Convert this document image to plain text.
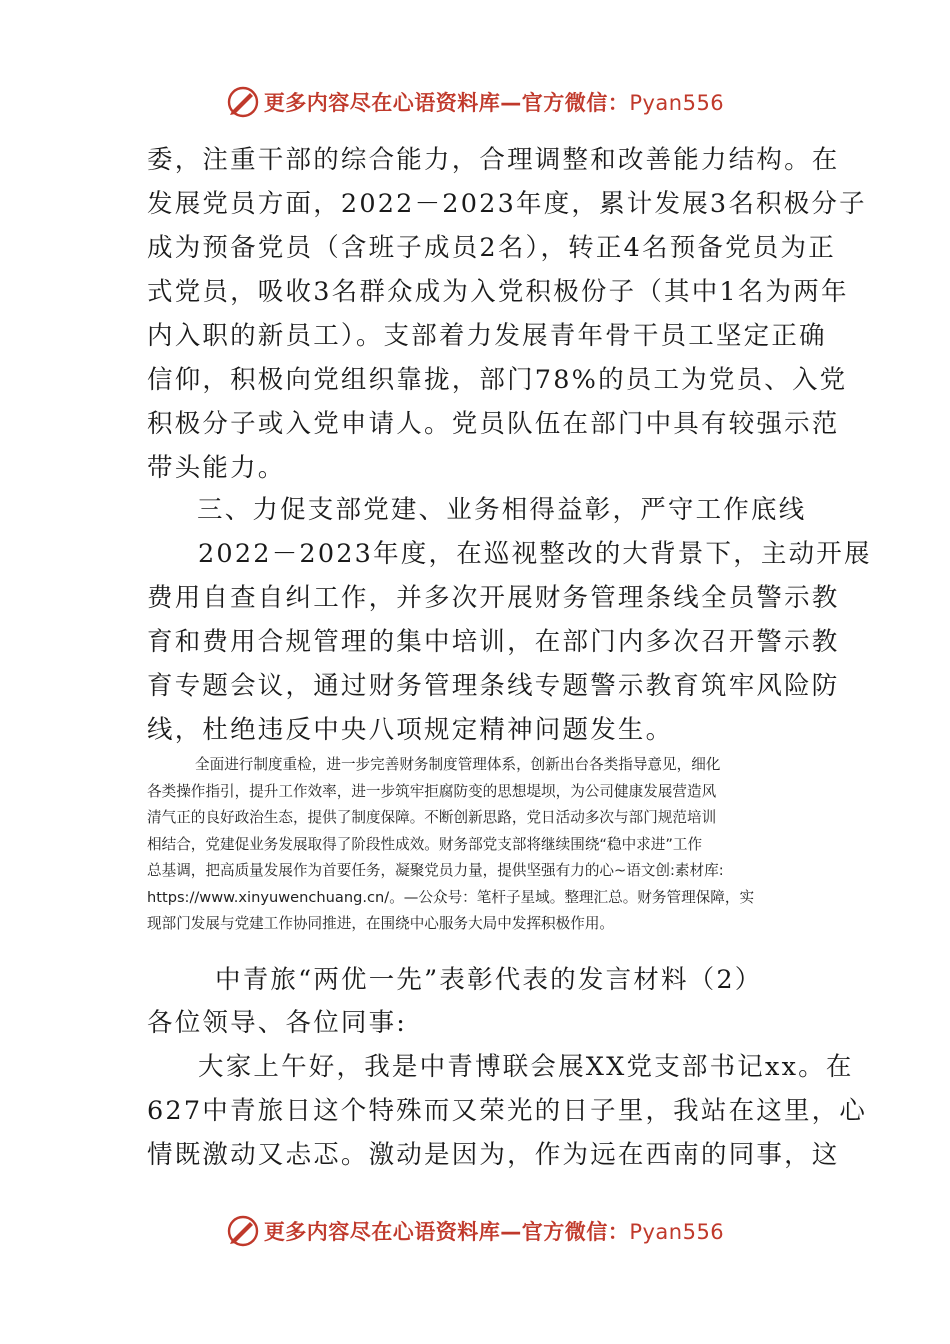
更多内容尽在心语资料库—官方微信：Pyan556

委，注重干部的综合能力，合理调整和改善能力结构。在

发展党员方面，2022－2023年度，累计发展3名积极分子

成为预备党员（含班子成员2名），转正4名预备党员为正

式党员，吸收3名群众成为入党积极份子（其中1名为两年

内入职的新员工）。支部着力发展青年骨干员工坚定正确

信仰，积极向党组织靠拢，部门78%的员工为党员、入党

积极分子或入党申请人。党员队伍在部门中具有较强示范

带头能力。

三、力促支部党建、业务相得益彰，严守工作底线

2022－2023年度，在巡视整改的大背景下，主动开展

费用自查自纠工作，并多次开展财务管理条线全员警示教

育和费用合规管理的集中培训，在部门内多次召开警示教

育专题会议，通过财务管理条线专题警示教育筑牢风险防

线，杜绝违反中央八项规定精神问题发生。

全面进行制度重检，进一步完善财务制度管理体系，创新出台各类指导意见，细化

各类操作指引，提升工作效率，进一步筑牢拒腐防变的思想堤坝，为公司健康发展营造风

清气正的良好政治生态，提供了制度保障。不断创新思路，党日活动多次与部门规范培训

相结合，党建促业务发展取得了阶段性成效。财务部党支部将继续围绕“稳中求进”工作

总基调，把高质量发展作为首要任务，凝聚党员力量，提供坚强有力的心~语文创:素材库:

https://www.xinyuwenchuang.cn/。—公众号：笔杆子星域。整理汇总。财务管理保障，实

现部门发展与党建工作协同推进，在围绕中心服务大局中发挥积极作用。

中青旅“两优一先”表彰代表的发言材料（2）

各位领导、各位同事:

大家上午好，我是中青博联会展XX党支部书记xx。在

627中青旅日这个特殊而又荣光的日子里，我站在这里，心

情既激动又忐忑。激动是因为，作为远在西南的同事，这

更多内容尽在心语资料库—官方微信：Pyan556
